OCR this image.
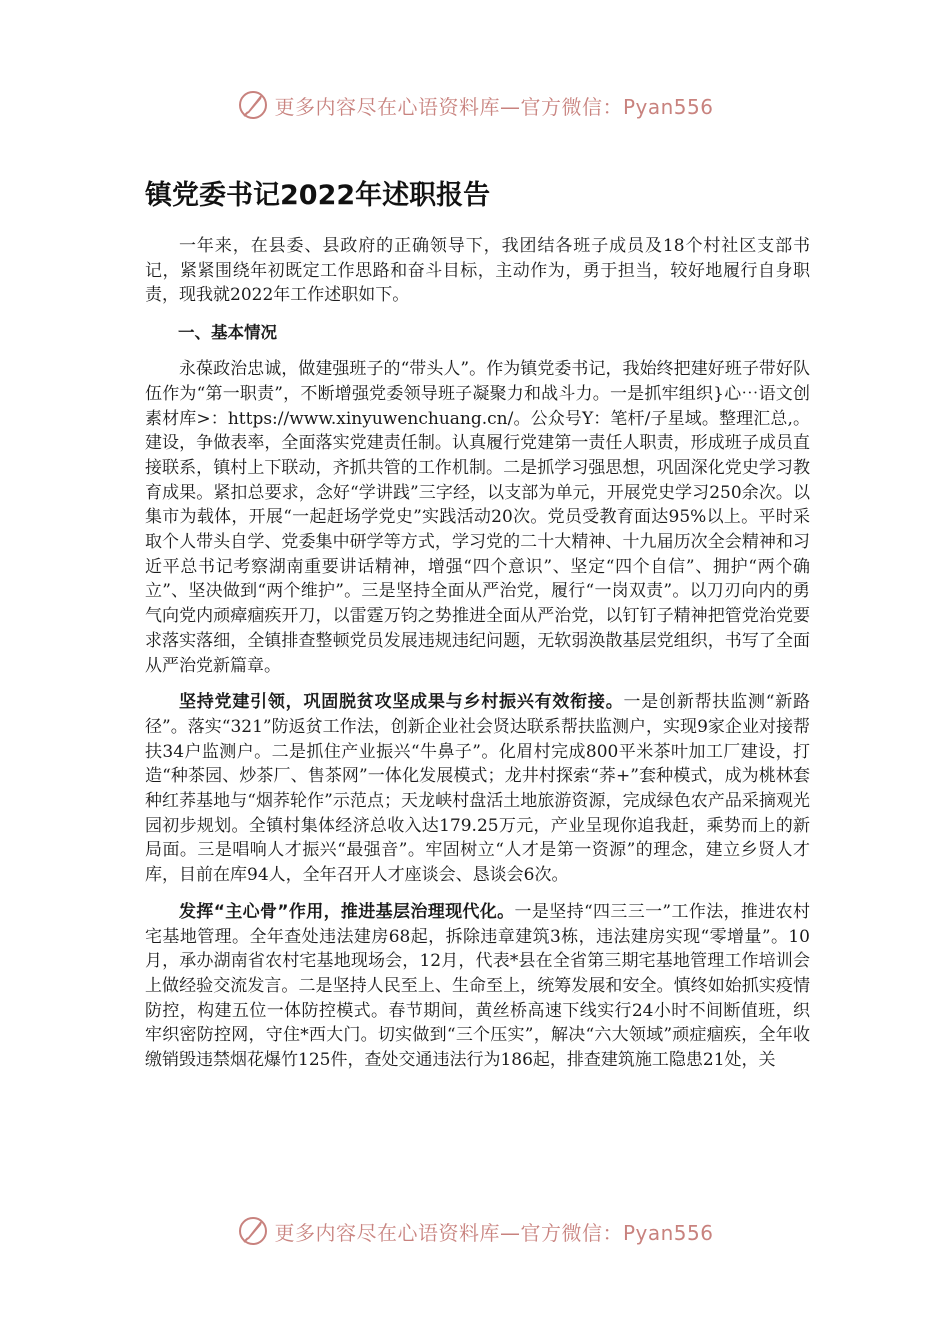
更多内容尽在心语资料库—官方微信：Pyan556
镇党委书记2022年述职报告

一年来，在县委、县政府的正确领导下，我团结各班子成员及18个村社区支部书记，紧紧围绕年初既定工作思路和奋斗目标，主动作为，勇于担当，较好地履行自身职责，现我就2022年工作述职如下。

一、基本情况

永葆政治忠诚，做建强班子的“带头人”。作为镇党委书记，我始终把建好班子带好队伍作为“第一职责”，不断增强党委领导班子凝聚力和战斗力。一是抓牢组织}心⋯语文创素材库>：https://www.xinyuwenchuang.cn/。公众号Y：笔杆/子星域。整理汇总,。建设，争做表率，全面落实党建责任制。认真履行党建第一责任人职责，形成班子成员直接联系，镇村上下联动，齐抓共管的工作机制。二是抓学习强思想，巩固深化党史学习教育成果。紧扣总要求，念好“学讲践”三字经，以支部为单元，开展党史学习250余次。以集市为载体，开展“一起赶场学党史”实践活动20次。党员受教育面达95%以上。平时采取个人带头自学、党委集中研学等方式，学习党的二十大精神、十九届历次全会精神和习近平总书记考察湖南重要讲话精神，增强“四个意识”、坚定“四个自信”、拥护“两个确立”、坚决做到“两个维护”。三是坚持全面从严治党，履行“一岗双责”。以刀刃向内的勇气向党内顽瘴痼疾开刀，以雷霆万钧之势推进全面从严治党，以钉钉子精神把管党治党要求落实落细，全镇排查整顿党员发展违规违纪问题，无软弱涣散基层党组织，书写了全面从严治党新篇章。

坚持党建引领，巩固脱贫攻坚成果与乡村振兴有效衔接。一是创新帮扶监测“新路径”。落实“321”防返贫工作法，创新企业社会贤达联系帮扶监测户，实现9家企业对接帮扶34户监测户。二是抓住产业振兴“牛鼻子”。化眉村完成800平米茶叶加工厂建设，打造“种茶园、炒茶厂、售茶网”一体化发展模式；龙井村探索“荞+”套种模式，成为桃林套种红荞基地与“烟荞轮作”示范点；天龙峡村盘活土地旅游资源，完成绿色农产品采摘观光园初步规划。全镇村集体经济总收入达179.25万元，产业呈现你追我赶，乘势而上的新局面。三是唱响人才振兴“最强音”。牢固树立“人才是第一资源”的理念，建立乡贤人才库，目前在库94人，全年召开人才座谈会、恳谈会6次。

发挥“主心骨”作用，推进基层治理现代化。一是坚持“四三三一”工作法，推进农村宅基地管理。全年查处违法建房68起，拆除违章建筑3栋，违法建房实现“零增量”。10月，承办湖南省农村宅基地现场会，12月，代表*县在全省第三期宅基地管理工作培训会上做经验交流发言。二是坚持人民至上、生命至上，统筹发展和安全。慎终如始抓实疫情防控，构建五位一体防控模式。春节期间，黄丝桥高速下线实行24小时不间断值班，织牢织密防控网，守住*西大门。切实做到“三个压实”，解决“六大领域”顽症痼疾，全年收缴销毁违禁烟花爆竹125件，查处交通违法行为186起，排查建筑施工隐患21处，关

更多内容尽在心语资料库—官方微信：Pyan556
